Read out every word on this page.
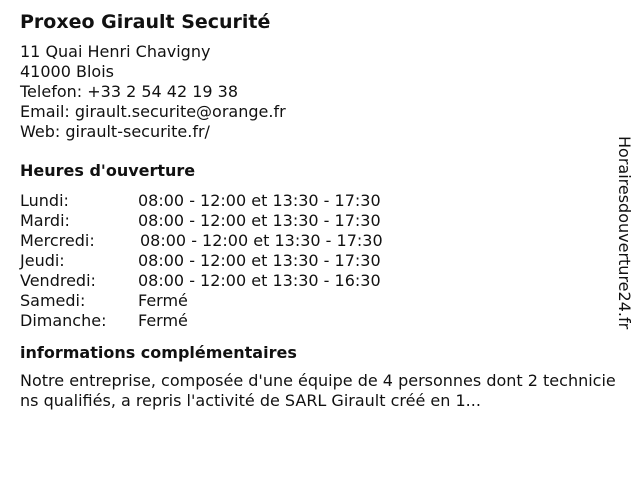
Proxeo Girault Securité
11 Quai Henri Chavigny
41000 Blois
Telefon: +33 2 54 42 19 38
Email: girault.securite@orange.fr
Web: girault-securite.fr/
Heures d'ouverture
Lundi:	08:00 - 12:00 et 13:30 - 17:30
Mardi:	08:00 - 12:00 et 13:30 - 17:30
Mercredi:	08:00 - 12:00 et 13:30 - 17:30
Jeudi:	08:00 - 12:00 et 13:30 - 17:30
Vendredi:	08:00 - 12:00 et 13:30 - 16:30
Samedi:	Fermé
Dimanche:	Fermé
informations complémentaires
Notre entreprise, composée d'une équipe de 4 personnes dont 2 techniciens qualifiés, a repris l'activité de SARL Girault créé en 1...
Horairesdouverture24.fr
